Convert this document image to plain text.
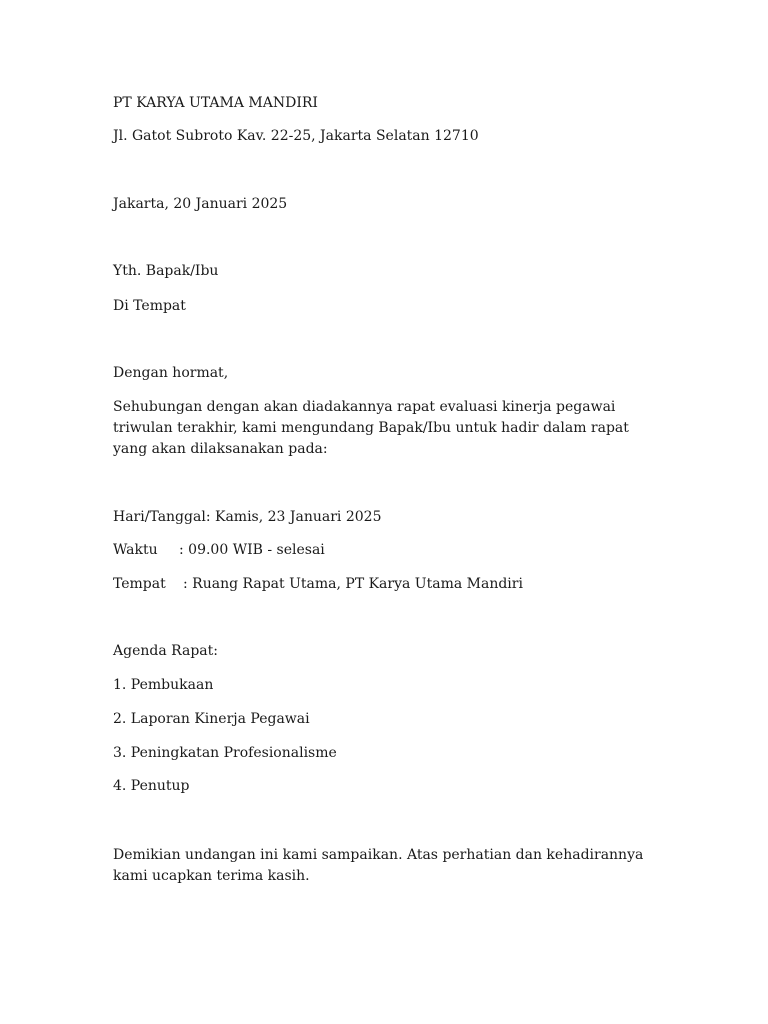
PT KARYA UTAMA MANDIRI

Jl. Gatot Subroto Kav. 22-25, Jakarta Selatan 12710

Jakarta, 20 Januari 2025

Yth. Bapak/Ibu

Di Tempat

Dengan hormat,

Sehubungan dengan akan diadakannya rapat evaluasi kinerja pegawai triwulan terakhir, kami mengundang Bapak/Ibu untuk hadir dalam rapat yang akan dilaksanakan pada:

Hari/Tanggal: Kamis, 23 Januari 2025

Waktu : 09.00 WIB - selesai

Tempat : Ruang Rapat Utama, PT Karya Utama Mandiri

Agenda Rapat:

1. Pembukaan

2. Laporan Kinerja Pegawai

3. Peningkatan Profesionalisme

4. Penutup

Demikian undangan ini kami sampaikan. Atas perhatian dan kehadirannya kami ucapkan terima kasih.
